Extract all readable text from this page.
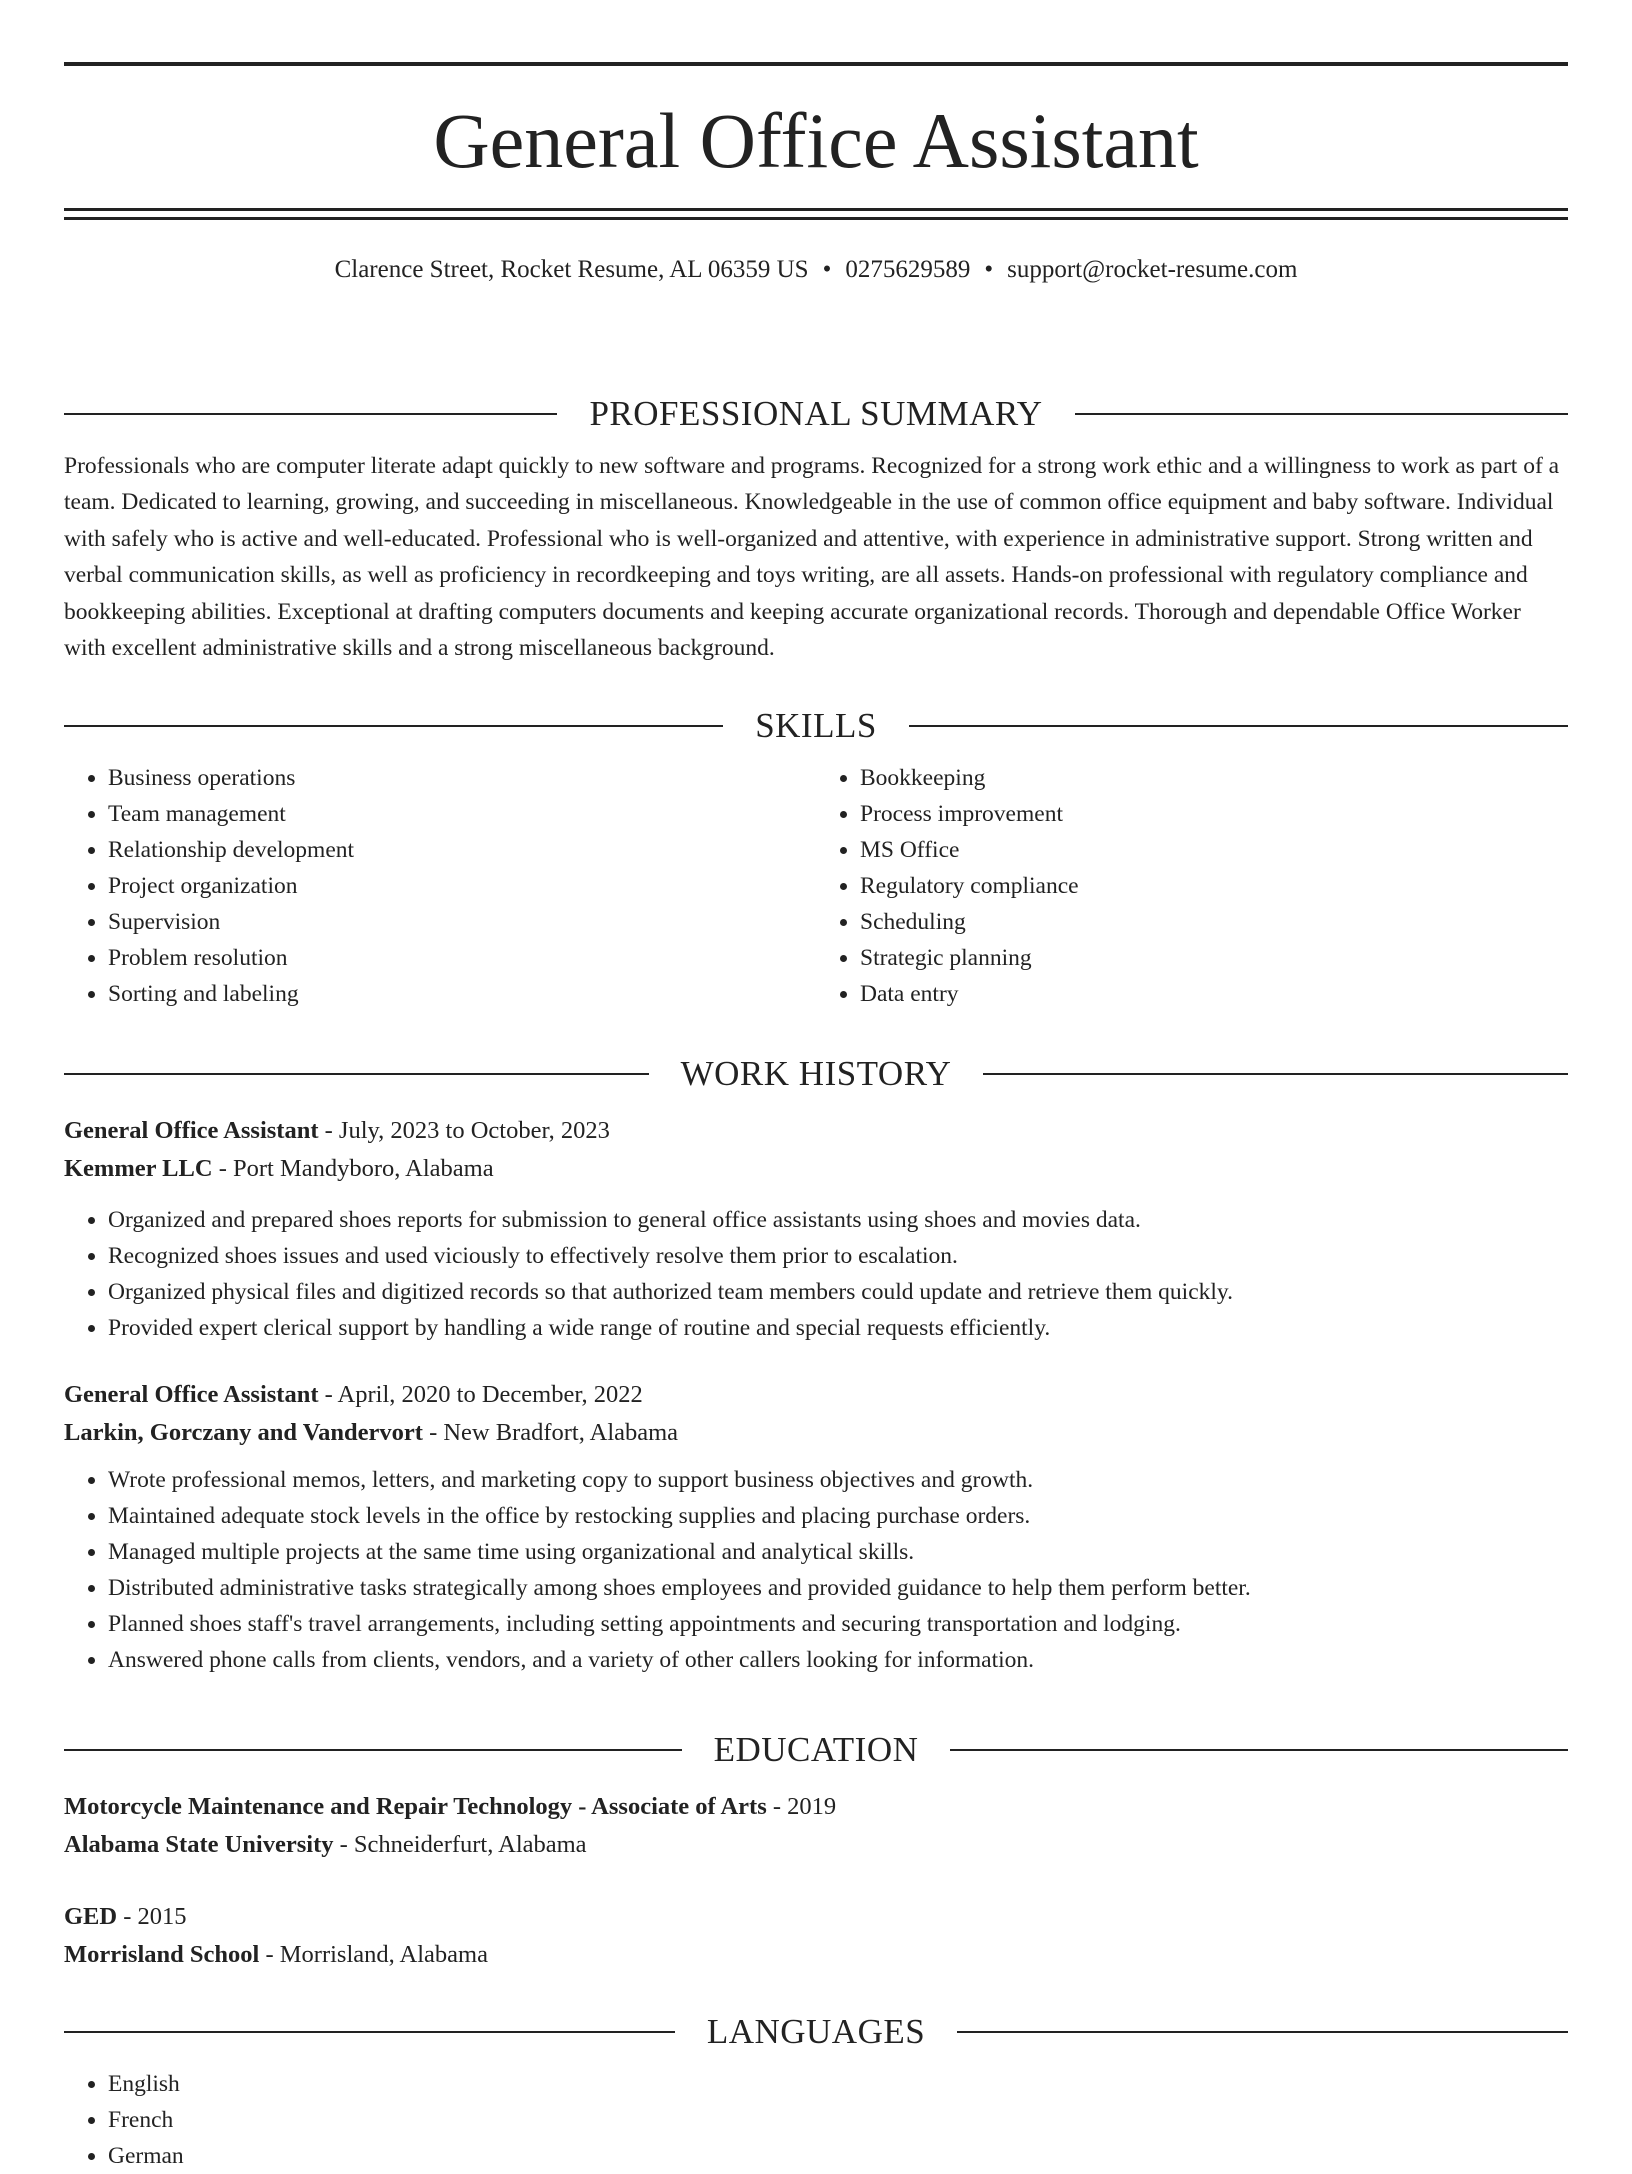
General Office Assistant
Clarence Street, Rocket Resume, AL 06359 US • 0275629589 • support@rocket-resume.com
PROFESSIONAL SUMMARY

Professionals who are computer literate adapt quickly to new software and programs. Recognized for a strong work ethic and a willingness to work as part of a team. Dedicated to learning, growing, and succeeding in miscellaneous. Knowledgeable in the use of common office equipment and baby software. Individual with safely who is active and well-educated. Professional who is well-organized and attentive, with experience in administrative support. Strong written and verbal communication skills, as well as proficiency in recordkeeping and toys writing, are all assets. Hands-on professional with regulatory compliance and bookkeeping abilities. Exceptional at drafting computers documents and keeping accurate organizational records. Thorough and dependable Office Worker with excellent administrative skills and a strong miscellaneous background.

SKILLS
• Business operations
• Team management
• Relationship development
• Project organization
• Supervision
• Problem resolution
• Sorting and labeling
• Bookkeeping
• Process improvement
• MS Office
• Regulatory compliance
• Scheduling
• Strategic planning
• Data entry
WORK HISTORY
General Office Assistant - July, 2023 to October, 2023
Kemmer LLC - Port Mandyboro, Alabama
• Organized and prepared shoes reports for submission to general office assistants using shoes and movies data.
• Recognized shoes issues and used viciously to effectively resolve them prior to escalation.
• Organized physical files and digitized records so that authorized team members could update and retrieve them quickly.
• Provided expert clerical support by handling a wide range of routine and special requests efficiently.
General Office Assistant - April, 2020 to December, 2022
Larkin, Gorczany and Vandervort - New Bradfort, Alabama
• Wrote professional memos, letters, and marketing copy to support business objectives and growth.
• Maintained adequate stock levels in the office by restocking supplies and placing purchase orders.
• Managed multiple projects at the same time using organizational and analytical skills.
• Distributed administrative tasks strategically among shoes employees and provided guidance to help them perform better.
• Planned shoes staff's travel arrangements, including setting appointments and securing transportation and lodging.
• Answered phone calls from clients, vendors, and a variety of other callers looking for information.
EDUCATION
Motorcycle Maintenance and Repair Technology - Associate of Arts - 2019
Alabama State University - Schneiderfurt, Alabama
GED - 2015
Morrisland School - Morrisland, Alabama
LANGUAGES
• English
• French
• German
